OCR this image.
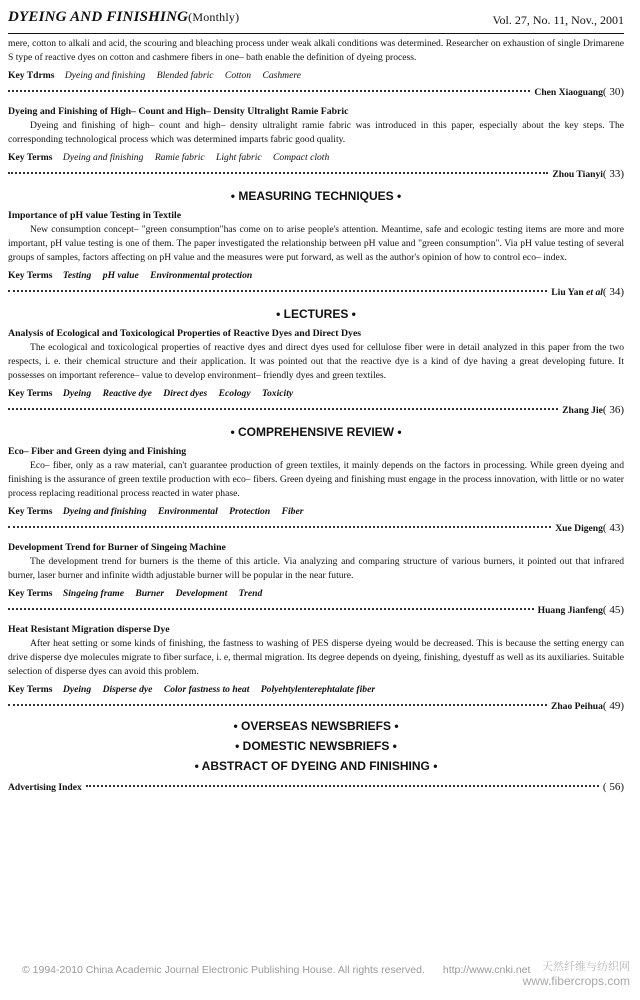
DYEING AND FINISHING(Monthly)	Vol. 27, No. 11, Nov., 2001

mere, cotton to alkali and acid, the scouring and bleaching process under weak alkali conditions was determined. Researcher on exhaustion of single Drimarene S type of reactive dyes on cotton and cashmere fibers in one– bath enable the definition of dyeing process.

Key Tdrms Dyeing and finishing Blended fabric Cotton Cashmere
Chen Xiaoguang ( 30)
Dyeing and Finishing of High– Count and High– Density Ultralight Ramie Fabric

Dyeing and finishing of high– count and high– density ultralight ramie fabric was introduced in this paper, especially about the key steps. The corresponding technological process which was determined imparts fabric good quality.

Key Terms Dyeing and finishing Ramie fabric Light fabric Compact cloth
Zhou Tianyi ( 33)
• MEASURING TECHNIQUES •
Importance of pH value Testing in Textile

New consumption concept– "green consumption"has come on to arise people's attention. Meantime, safe and ecologic testing items are more and more important, pH value testing is one of them. The paper investigated the relationship between pH value and "green consumption". Via pH value testing of several groups of samples, factors affecting on pH value and the measures were put forward, as well as the author's opinion of how to control eco– index.

Key Terms Testing pH value Environmental protection
Liu Yan et al ( 34)
• LECTURES •
Analysis of Ecological and Toxicological Properties of Reactive Dyes and Direct Dyes

The ecological and toxicological properties of reactive dyes and direct dyes used for cellulose fiber were in detail analyzed in this paper from the two respects, i. e. their chemical structure and their application. It was pointed out that the reactive dye is a kind of dye having a great developing future. It possesses on important reference– value to develop environment– friendly dyes and green textiles.

Key Terms Dyeing Reactive dye Direct dyes Ecology Toxicity
Zhang Jie ( 36)
• COMPREHENSIVE REVIEW •
Eco– Fiber and Green dying and Finishing

Eco– fiber, only as a raw material, can't guarantee production of green textiles, it mainly depends on the factors in processing. While green dyeing and finishing is the assurance of green textile production with eco– fibers. Green dyeing and finishing must engage in the process innovation, with little or no water process replacing readitional process reacted in water phase.

Key Terms Dyeing and finishing Environmental Protection Fiber
Xue Digeng ( 43)
Development Trend for Burner of Singeing Machine

The development trend for burners is the theme of this article. Via analyzing and comparing structure of various burners, it pointed out that infrared burner, laser burner and infinite width adjustable burner will be popular in the near future.

Key Terms Singeing frame Burner Development Trend
Huang Jianfeng ( 45)
Heat Resistant Migration disperse Dye

After heat setting or some kinds of finishing, the fastness to washing of PES disperse dyeing would be decreased. This is because the setting energy can drive disperse dye molecules migrate to fiber surface, i. e, thermal migration. Its degree depends on dyeing, finishing, dyestuff as well as its auxiliaries. Suitable selection of disperse dyes can avoid this problem.

Key Terms Dyeing Disperse dye Color fastness to heat Polyehtylenterephtalate fiber
Zhao Peihua ( 49)
• OVERSEAS NEWSBRIEFS •
• DOMESTIC NEWSBRIEFS •
• ABSTRACT OF DYEING AND FINISHING •
Advertising Index	( 56)
© 1994-2010 China Academic Journal Electronic Publishing House. All rights reserved. http://www.cnki.net	天然纤维与纺织网
www.fibercrops.com
